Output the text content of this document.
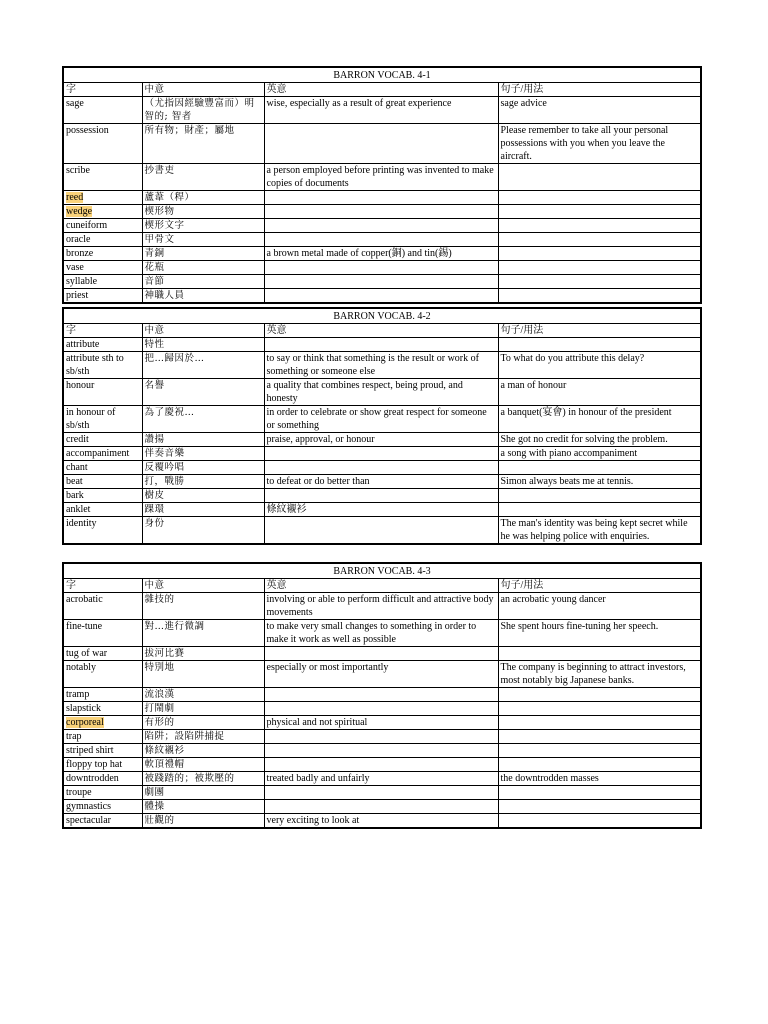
BARRON VOCAB. 4-1			
字	中意	英意	句子/用法
sage	（尤指因經驗豐富而）明智的; 智者	wise, especially as a result of great experience	sage advice
possession	所有物；財產；屬地		Please remember to take all your personal possessions with you when you leave the aircraft.
scribe	抄書吏	a person employed before printing was invented to make copies of documents	
reed	蘆葦（稈）		
wedge	楔形物		
cuneiform	楔形文字		
oracle	甲骨文		
bronze	青銅	a brown metal made of copper(銅) and tin(錫)	
vase	花瓶		
syllable	音節		
priest	神職人員		
BARRON VOCAB. 4-2			
字	中意	英意	句子/用法
attribute	特性		
attribute sth to sb/sth	把…歸因於…	to say or think that something is the result or work of something or someone else	To what do you attribute this delay?
honour	名譽	a quality that combines respect, being proud, and honesty	a man of honour
in honour of sb/sth	為了慶祝…	in order to celebrate or show great respect for someone or something	a banquet(宴會) in honour of the president
credit	讚揚	praise, approval, or honour	She got no credit for solving the problem.
accompaniment	伴奏音樂		a song with piano accompaniment
chant	反覆吟唱		
beat	打，戰勝	to defeat or do better than	Simon always beats me at tennis.
bark	樹皮		
anklet	踝環	條紋襯衫	
identity	身份		The man's identity was being kept secret while he was helping police with enquiries.
BARRON VOCAB. 4-3			
字	中意	英意	句子/用法
acrobatic	雜技的	involving or able to perform difficult and attractive body movements	an acrobatic young dancer
fine-tune	對…進行微調	to make very small changes to something in order to make it work as well as possible	She spent hours fine-tuning her speech.
tug of war	拔河比賽		
notably	特別地	especially or most importantly	The company is beginning to attract investors, most notably big Japanese banks.
tramp	流浪漢		
slapstick	打鬧劇		
corporeal	有形的	physical and not spiritual	
trap	陷阱；設陷阱捕捉		
striped shirt	條紋襯衫		
floppy top hat	軟頂禮帽		
downtrodden	被踐踏的；被欺壓的	treated badly and unfairly	the downtrodden masses
troupe	劇團		
gymnastics	體操		
spectacular	壯觀的	very exciting to look at	
